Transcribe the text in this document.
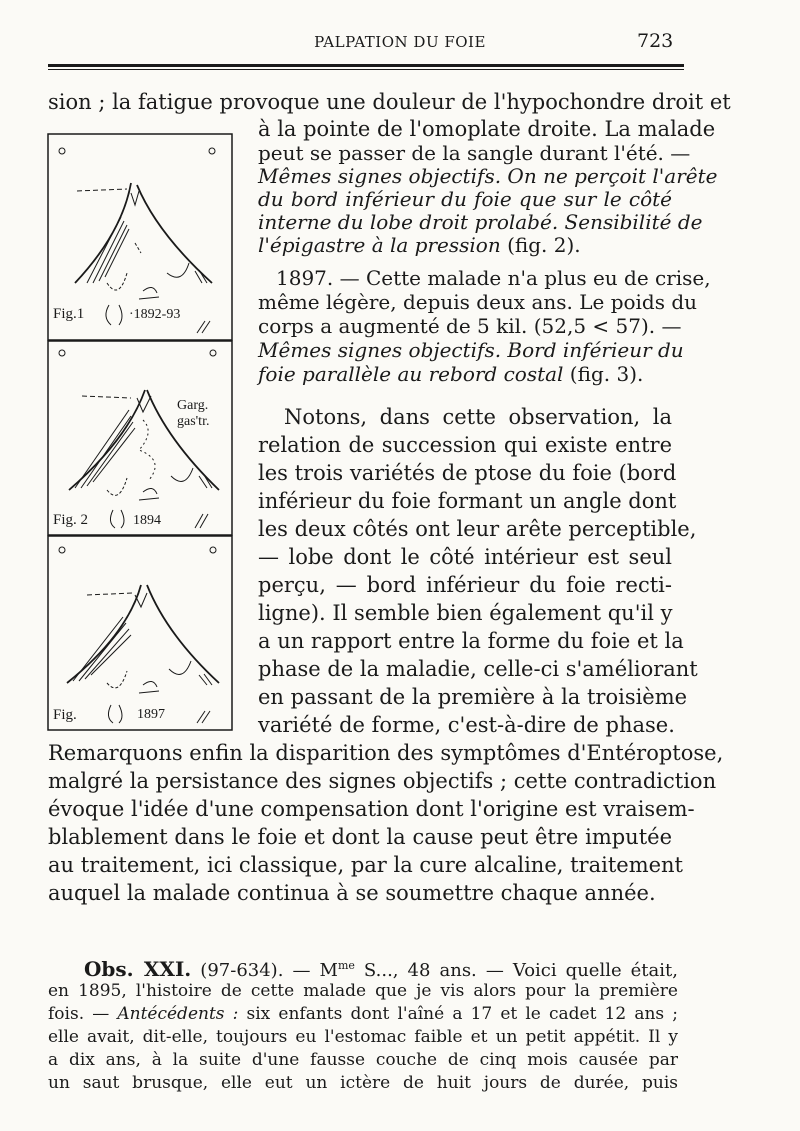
PALPATION DU FOIE	723

sion ; la fatigue provoque une douleur de l'hypochondre droit et

à la pointe de l'omoplate droite. La malade

peut se passer de la sangle durant l'été. —

Mêmes signes objectifs. On ne perçoit l'arête

du bord inférieur du foie que sur le côté

interne du lobe droit prolabé. Sensibilité de

l'épigastre à la pression (fig. 2).

1897. — Cette malade n'a plus eu de crise,

même légère, depuis deux ans. Le poids du

corps a augmenté de 5 kil. (52,5 < 57). —

Mêmes signes objectifs. Bord inférieur du

foie parallèle au rebord costal (fig. 3).

Fig.1	·1892-93
Garg.
gas'tr.
Fig. 2	1894
Fig.	1897

Notons, dans cette observation, la

relation de succession qui existe entre

les trois variétés de ptose du foie (bord

inférieur du foie formant un angle dont

les deux côtés ont leur arête perceptible,

— lobe dont le côté intérieur est seul

perçu, — bord inférieur du foie recti-

ligne). Il semble bien également qu'il y

a un rapport entre la forme du foie et la

phase de la maladie, celle-ci s'améliorant

en passant de la première à la troisième

variété de forme, c'est-à-dire de phase.

Remarquons enfin la disparition des symptômes d'Entéroptose,

malgré la persistance des signes objectifs ; cette contradiction

évoque l'idée d'une compensation dont l'origine est vraisem-

blablement dans le foie et dont la cause peut être imputée

au traitement, ici classique, par la cure alcaline, traitement

auquel la malade continua à se soumettre chaque année.

Obs. XXI. (97-634). — $M^{me}$ S..., 48 ans. — Voici quelle était,

en 1895, l'histoire de cette malade que je vis alors pour la première

fois. — Antécédents : six enfants dont l'aîné a 17 et le cadet 12 ans ;

elle avait, dit-elle, toujours eu l'estomac faible et un petit appétit. Il y

a dix ans, à la suite d'une fausse couche de cinq mois causée par

un saut brusque, elle eut un ictère de huit jours de durée, puis
